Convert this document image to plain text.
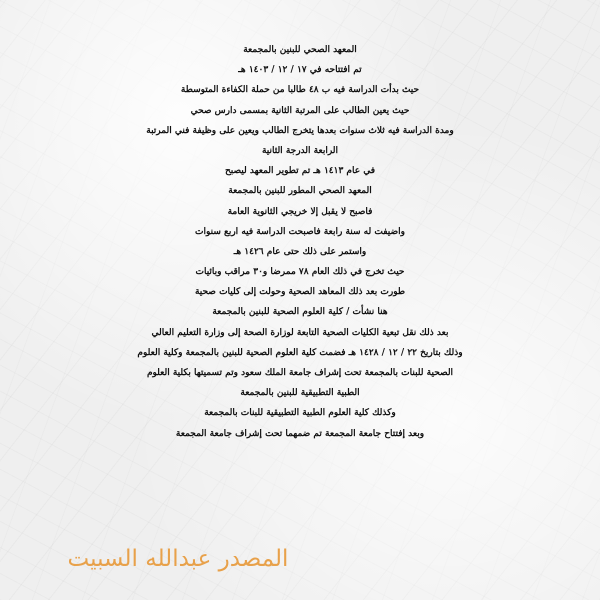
المعهد الصحي للبنين بالمجمعة
تم افتتاحه في ١٧ / ١٢ / ١٤٠٣ هـ
حيث بدأت الدراسة فيه ب ٤٨ طالبا من حملة الكفاءة المتوسطة
حيث يعين الطالب على المرتبة الثانية بمسمى دارس صحي
ومدة الدراسة فيه ثلاث سنوات بعدها يتخرج الطالب ويعين على وظيفة فني المرتبة
الرابعة الدرجة الثانية
في عام ١٤١٣ هـ تم تطوير المعهد ليصبح
المعهد الصحي المطور للبنين بالمجمعة
فاصبح لا يقبل إلا خريجي الثانوية العامة
واضيفت له سنة رابعة فاصبحت الدراسة فيه اربع سنوات
واستمر على ذلك حتى عام ١٤٢٦ هـ
حيث تخرج في ذلك العام ٧٨ ممرضا و٣٠ مراقب وبائيات
طورت بعد ذلك المعاهد الصحية وحولت إلى كليات صحية
هنا نشأت / كلية العلوم الصحية للبنين بالمجمعة
بعد ذلك نقل تبعية الكليات الصحية التابعة لوزارة الصحة إلى وزارة التعليم العالي
وذلك بتاريخ ٢٢ / ١٢ / ١٤٢٨ هـ فضمت كلية العلوم الصحية للبنين بالمجمعة وكلية العلوم
الصحية للبنات بالمجمعة تحت إشراف جامعة الملك سعود وتم تسميتها بكلية العلوم
الطبية التطبيقية للبنين بالمجمعة
وكذلك كلية العلوم الطبية التطبيقية للبنات بالمجمعة
وبعد إفتتاح جامعة المجمعة تم ضمهما تحت إشراف جامعة المجمعة
المصدر عبدالله السبيت
